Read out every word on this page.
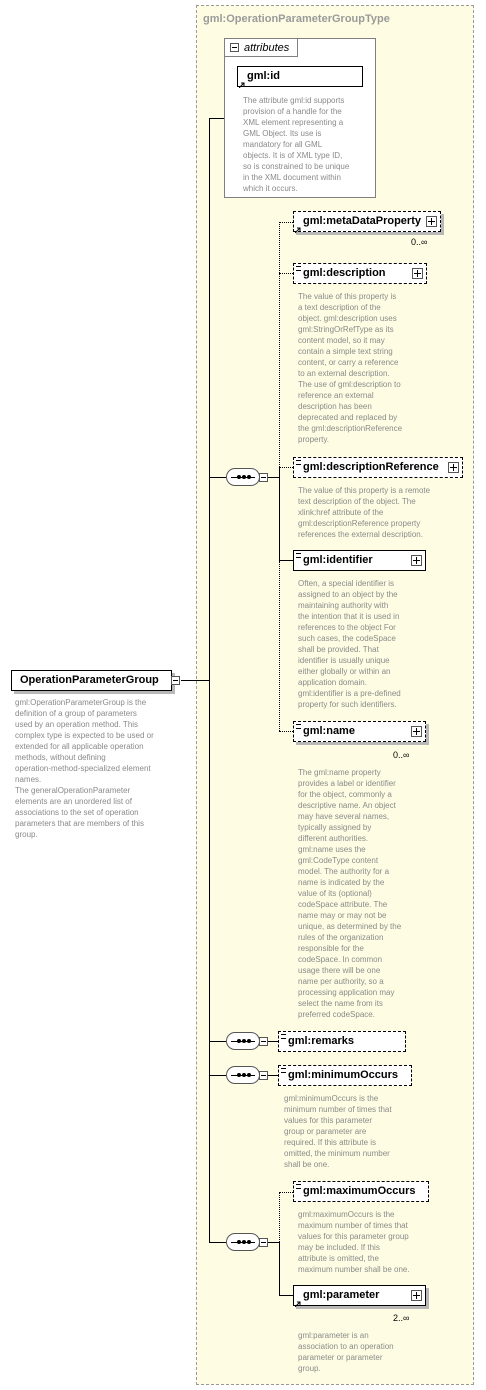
gml:OperationParameterGroupType
OperationParameterGroup
gml:OperationParameterGroup is the
definition of a group of parameters
used by an operation method. This
complex type is expected to be used or
extended for all applicable operation
methods, without defining
operation-method-specialized element
names.
The generalOperationParameter
elements are an unordered list of
associations to the set of operation
parameters that are members of this
group.
attributes
gml:id
The attribute gml:id supports
provision of a handle for the
XML element representing a
GML Object. Its use is
mandatory for all GML
objects. It is of XML type ID,
so is constrained to be unique
in the XML document within
which it occurs.
gml:metaDataProperty
0..∞
gml:description
The value of this property is
a text description of the
object. gml:description uses
gml:StringOrRefType as its
content model, so it may
contain a simple text string
content, or carry a reference
to an external description.
The use of gml:description to
reference an external
description has been
deprecated and replaced by
the gml:descriptionReference
property.
gml:descriptionReference
The value of this property is a remote
text description of the object. The
xlink:href attribute of the
gml:descriptionReference property
references the external description.
gml:identifier
Often, a special identifier is
assigned to an object by the
maintaining authority with
the intention that it is used in
references to the object For
such cases, the codeSpace
shall be provided. That
identifier is usually unique
either globally or within an
application domain.
gml:identifier is a pre-defined
property for such identifiers.
gml:name
0..∞
The gml:name property
provides a label or identifier
for the object, commonly a
descriptive name. An object
may have several names,
typically assigned by
different authorities.
gml:name uses the
gml:CodeType content
model. The authority for a
name is indicated by the
value of its (optional)
codeSpace attribute. The
name may or may not be
unique, as determined by the
rules of the organization
responsible for the
codeSpace. In common
usage there will be one
name per authority, so a
processing application may
select the name from its
preferred codeSpace.
gml:remarks
gml:minimumOccurs
gml:minimumOccurs is the
minimum number of times that
values for this parameter
group or parameter are
required. If this attribute is
omitted, the minimum number
shall be one.
gml:maximumOccurs
gml:maximumOccurs is the
maximum number of times that
values for this parameter group
may be included. If this
attribute is omitted, the
maximum number shall be one.
gml:parameter
2..∞
gml:parameter is an
association to an operation
parameter or parameter
group.
